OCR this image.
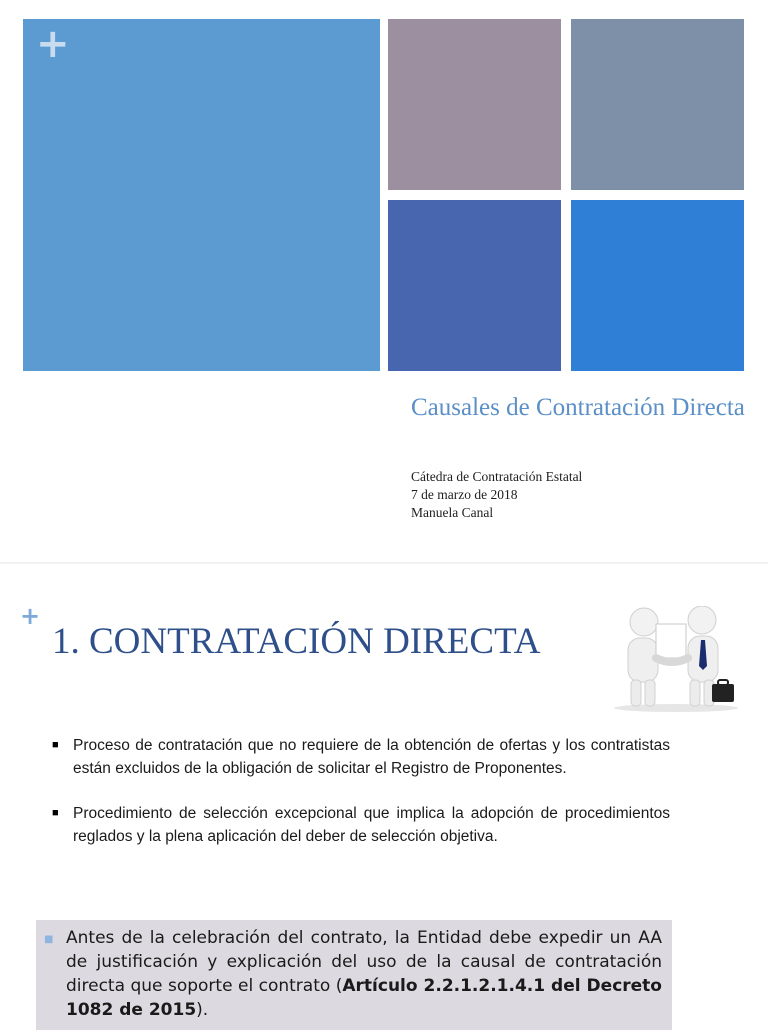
+
Causales de Contratación Directa
Cátedra de Contratación Estatal
7 de marzo de 2018
Manuela Canal
+
1. CONTRATACIÓN DIRECTA
■ Proceso de contratación que no requiere de la obtención de ofertas y los contratistas están excluidos de la obligación de solicitar el Registro de Proponentes.
■ Procedimiento de selección excepcional que implica la adopción de procedimientos reglados y la plena aplicación del deber de selección objetiva.
■ Antes de la celebración del contrato, la Entidad debe expedir un AA de justificación y explicación del uso de la causal de contratación directa que soporte el contrato (Artículo 2.2.1.2.1.4.1 del Decreto 1082 de 2015).
